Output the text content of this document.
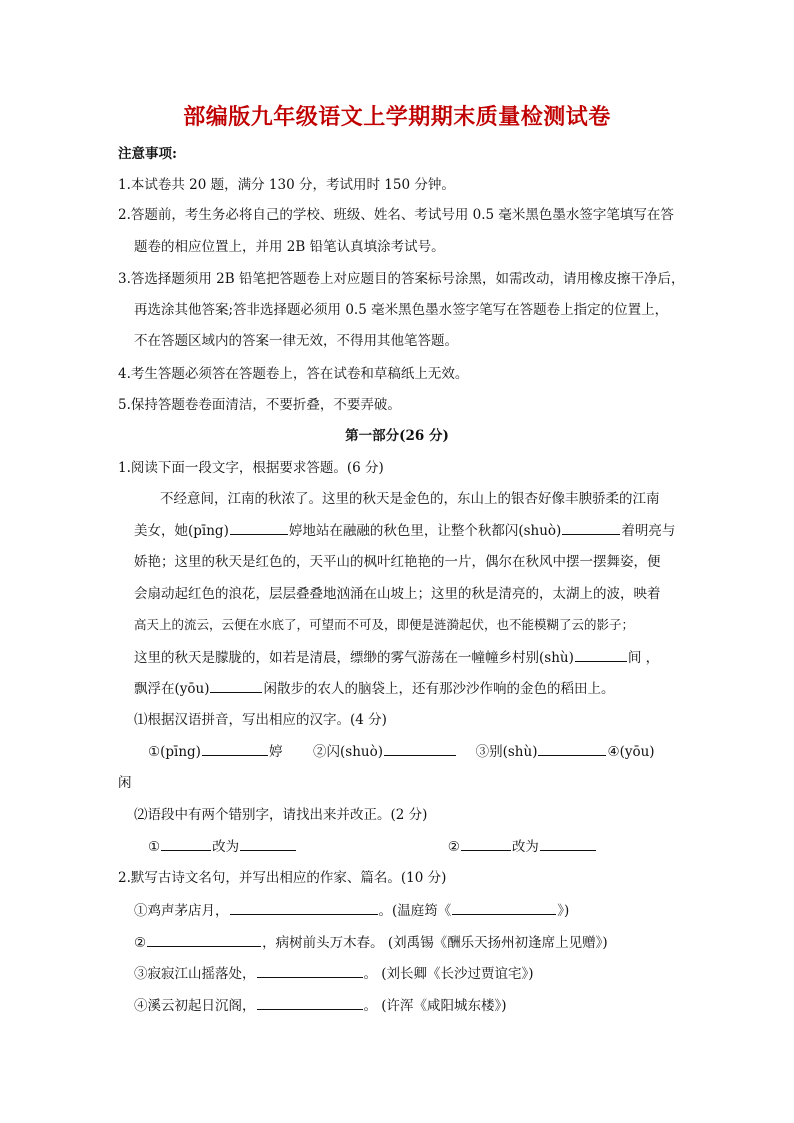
部编版九年级语文上学期期末质量检测试卷
注意事项:
1.本试卷共 20 题，满分 130 分，考试用时 150 分钟。
2.答题前，考生务必将自己的学校、班级、姓名、考试号用 0.5 毫米黑色墨水签字笔填写在答
题卷的相应位置上，并用 2B 铅笔认真填涂考试号。
3.答选择题须用 2B 铅笔把答题卷上对应题目的答案标号涂黑，如需改动，请用橡皮擦干净后，
再选涂其他答案;答非选择题必须用 0.5 毫米黑色墨水签字笔写在答题卷上指定的位置上，
不在答题区域内的答案一律无效，不得用其他笔答题。
4.考生答题必须答在答题卷上，答在试卷和草稿纸上无效。
5.保持答题卷卷面清洁，不要折叠，不要弄破。
第一部分(26 分)
1.阅读下面一段文字，根据要求答题。(6 分)
不经意间，江南的秋浓了。这里的秋天是金色的，东山上的银杏好像丰腴骄柔的江南
美女，她(pīng)	婷地站在融融的秋色里，让整个秋都闪(shuò)	着明亮与
娇艳；这里的秋天是红色的，天平山的枫叶红艳艳的一片，偶尔在秋风中摆一摆舞姿，便
会扇动起红色的浪花，层层叠叠地汹涌在山坡上；这里的秋是清亮的，太湖上的波，映着
高天上的流云，云便在水底了，可望而不可及，即便是涟漪起伏，也不能模糊了云的影子；
这里的秋天是朦胧的，如若是清晨，缥缈的雾气游荡在一幢幢乡村别(shù)	间 ，
飘浮在(yōu)	闲散步的农人的脑袋上，还有那沙沙作响的金色的稻田上。
⑴根据汉语拼音，写出相应的汉字。(4 分)
①(pīng)	婷 ②闪(shuò)	③别(shù)	④(yōu)
闲
⑵语段中有两个错别字，请找出来并改正。(2 分)
①	改为	②	改为
2.默写古诗文名句，并写出相应的作家、篇名。(10 分)
①鸡声茅店月，	。(温庭筠《	》)
②	，病树前头万木春。 (刘禹锡《酬乐天扬州初逢席上见赠》)
③寂寂江山摇落处，	。 (刘长卿《长沙过贾谊宅》)
④溪云初起日沉阁，	。 (许浑《咸阳城东楼》)
